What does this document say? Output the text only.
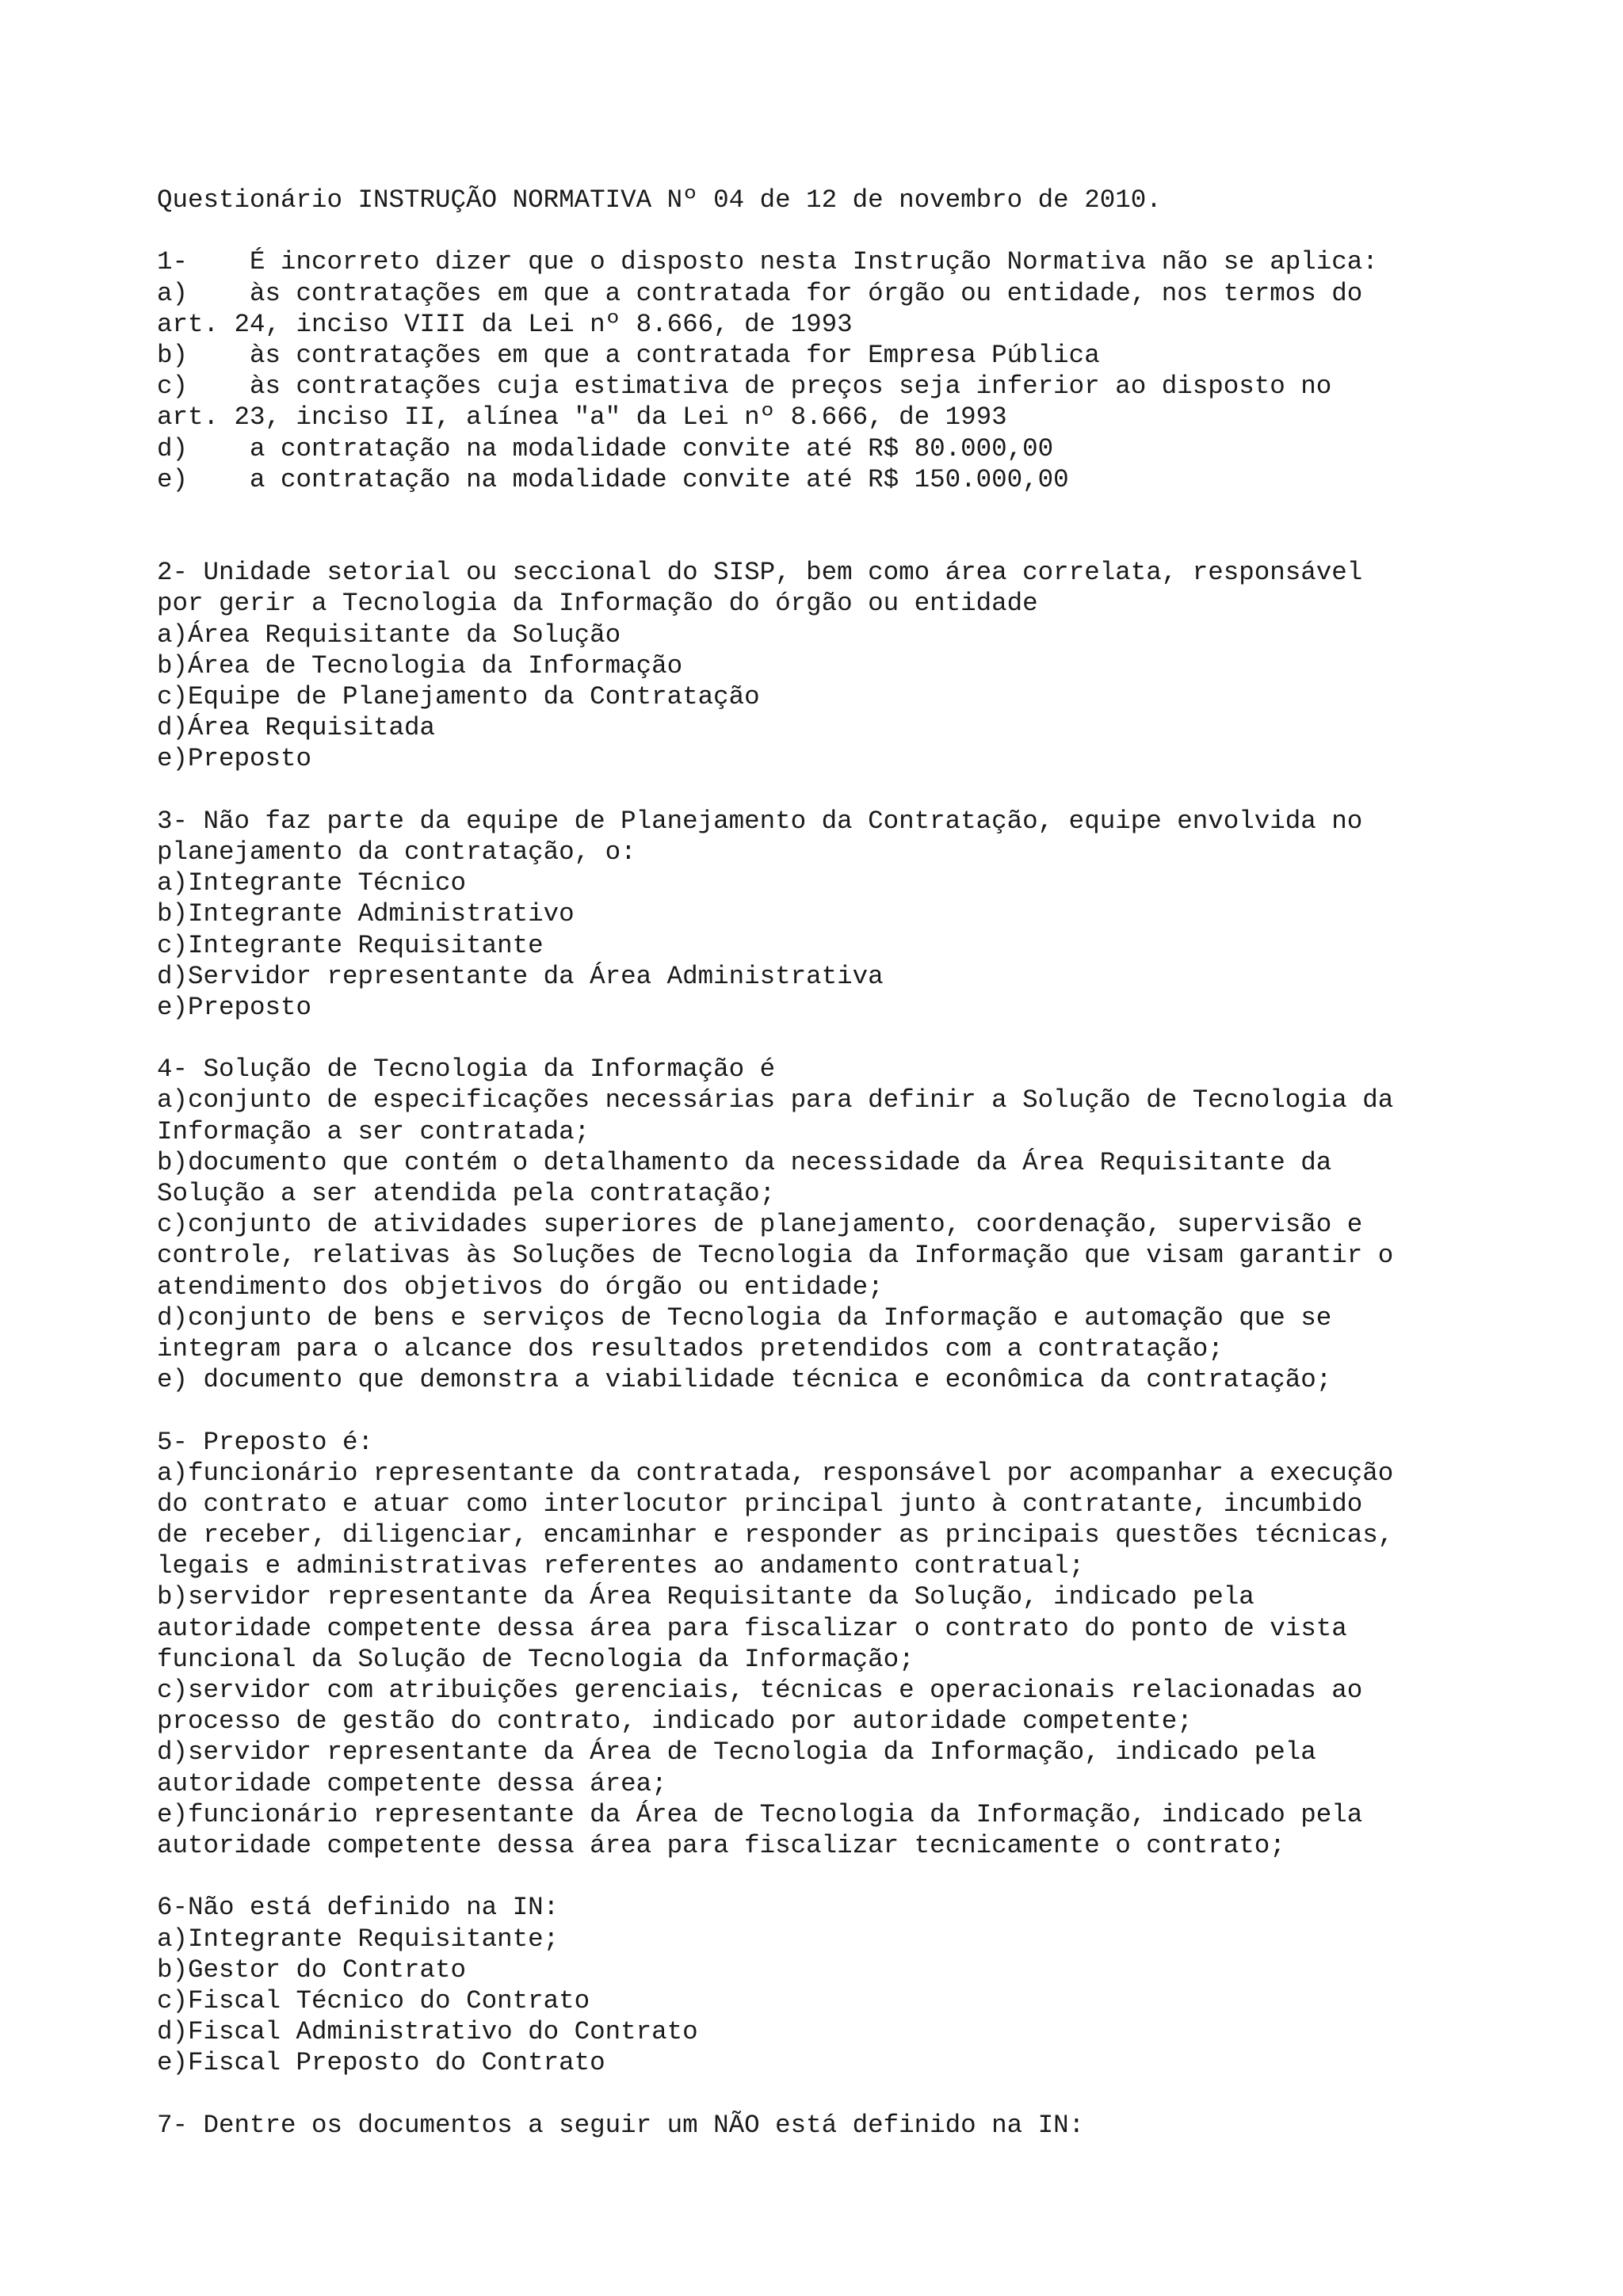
Questionário INSTRUÇÃO NORMATIVA Nº 04 de 12 de novembro de 2010.
1-    É incorreto dizer que o disposto nesta Instrução Normativa não se aplica:
a)    às contratações em que a contratada for órgão ou entidade, nos termos do
art. 24, inciso VIII da Lei nº 8.666, de 1993
b)    às contratações em que a contratada for Empresa Pública
c)    às contratações cuja estimativa de preços seja inferior ao disposto no
art. 23, inciso II, alínea "a" da Lei nº 8.666, de 1993
d)    a contratação na modalidade convite até R$ 80.000,00
e)    a contratação na modalidade convite até R$ 150.000,00
2- Unidade setorial ou seccional do SISP, bem como área correlata, responsável
por gerir a Tecnologia da Informação do órgão ou entidade
a)Área Requisitante da Solução
b)Área de Tecnologia da Informação
c)Equipe de Planejamento da Contratação
d)Área Requisitada
e)Preposto
3- Não faz parte da equipe de Planejamento da Contratação, equipe envolvida no
planejamento da contratação, o:
a)Integrante Técnico
b)Integrante Administrativo
c)Integrante Requisitante
d)Servidor representante da Área Administrativa
e)Preposto
4- Solução de Tecnologia da Informação é
a)conjunto de especificações necessárias para definir a Solução de Tecnologia da
Informação a ser contratada;
b)documento que contém o detalhamento da necessidade da Área Requisitante da
Solução a ser atendida pela contratação;
c)conjunto de atividades superiores de planejamento, coordenação, supervisão e
controle, relativas às Soluções de Tecnologia da Informação que visam garantir o
atendimento dos objetivos do órgão ou entidade;
d)conjunto de bens e serviços de Tecnologia da Informação e automação que se
integram para o alcance dos resultados pretendidos com a contratação;
e) documento que demonstra a viabilidade técnica e econômica da contratação;
5- Preposto é:
a)funcionário representante da contratada, responsável por acompanhar a execução
do contrato e atuar como interlocutor principal junto à contratante, incumbido
de receber, diligenciar, encaminhar e responder as principais questões técnicas,
legais e administrativas referentes ao andamento contratual;
b)servidor representante da Área Requisitante da Solução, indicado pela
autoridade competente dessa área para fiscalizar o contrato do ponto de vista
funcional da Solução de Tecnologia da Informação;
c)servidor com atribuições gerenciais, técnicas e operacionais relacionadas ao
processo de gestão do contrato, indicado por autoridade competente;
d)servidor representante da Área de Tecnologia da Informação, indicado pela
autoridade competente dessa área;
e)funcionário representante da Área de Tecnologia da Informação, indicado pela
autoridade competente dessa área para fiscalizar tecnicamente o contrato;
6-Não está definido na IN:
a)Integrante Requisitante;
b)Gestor do Contrato
c)Fiscal Técnico do Contrato
d)Fiscal Administrativo do Contrato
e)Fiscal Preposto do Contrato
7- Dentre os documentos a seguir um NÃO está definido na IN:
